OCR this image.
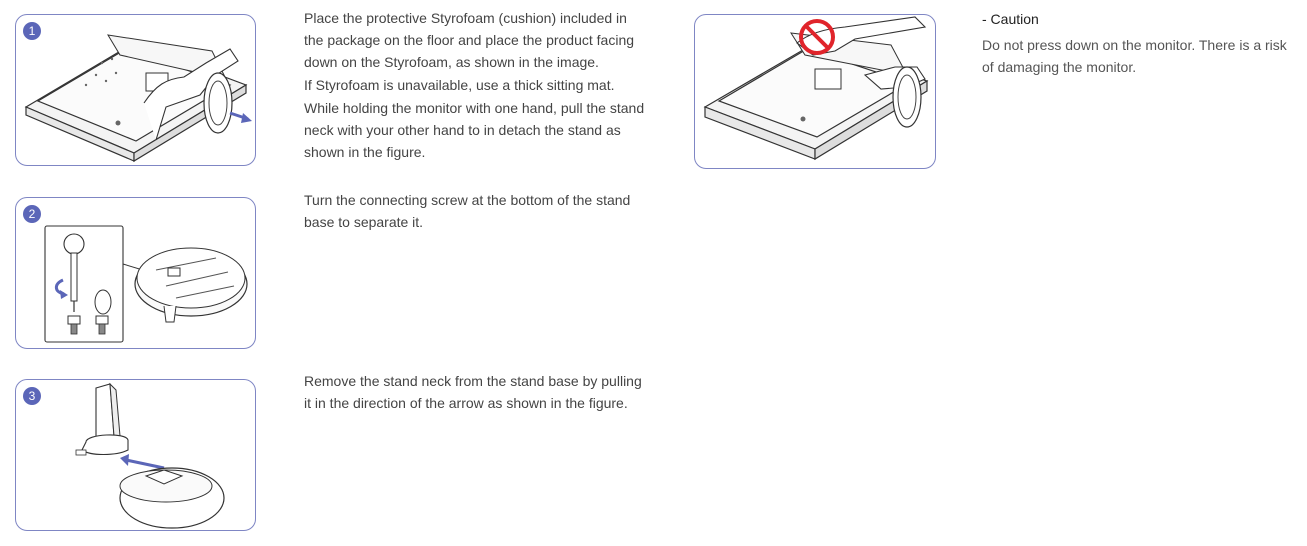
1

Place the protective Styrofoam (cushion) included in the package on the floor and place the product facing down on the Styrofoam, as shown in the image.

If Styrofoam is unavailable, use a thick sitting mat.

While holding the monitor with one hand, pull the stand neck with your other hand to in detach the stand as shown in the figure.

2

Turn the connecting screw at the bottom of the stand base to separate it.

3

Remove the stand neck from the stand base by pulling it in the direction of the arrow as shown in the figure.

- Caution
Do not press down on the monitor. There is a risk of damaging the monitor.
